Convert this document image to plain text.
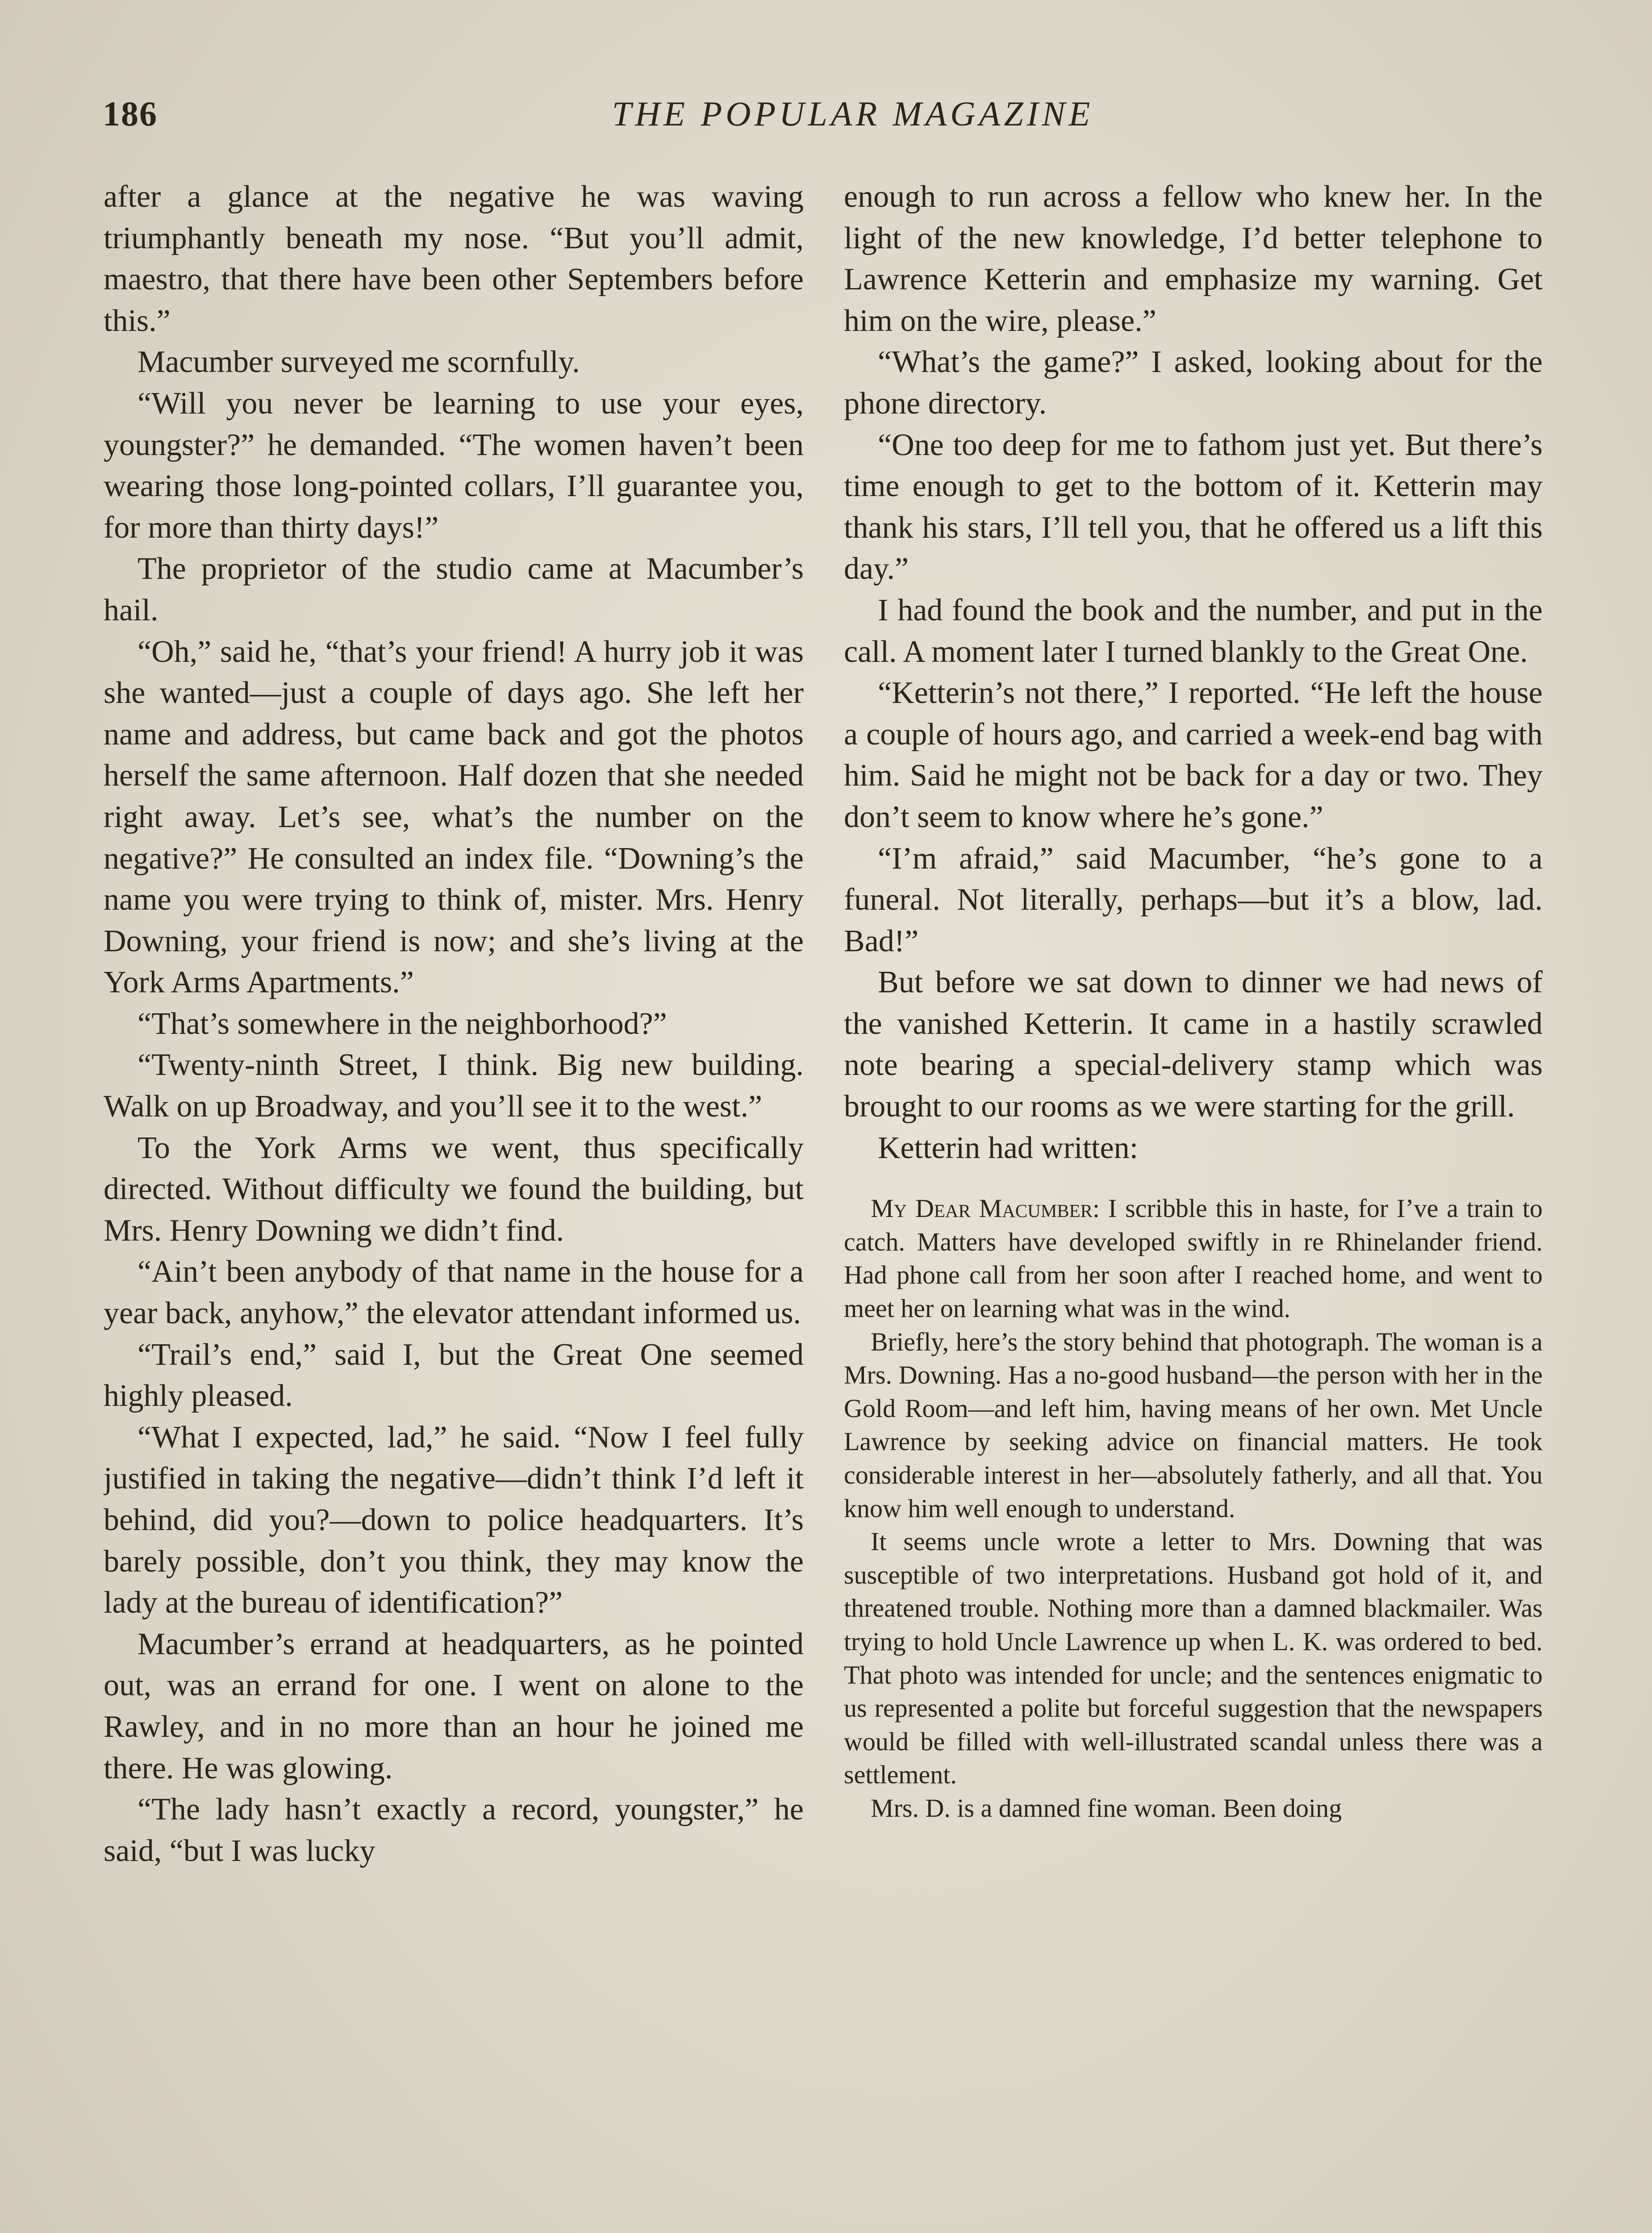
186	THE POPULAR MAGAZINE

after a glance at the negative he was waving triumphantly beneath my nose. “But you’ll admit, maestro, that there have been other Septembers before this.”

Macumber surveyed me scornfully.

“Will you never be learning to use your eyes, youngster?” he demanded. “The women haven’t been wearing those long-pointed collars, I’ll guarantee you, for more than thirty days!”

The proprietor of the studio came at Macumber’s hail.

“Oh,” said he, “that’s your friend! A hurry job it was she wanted—just a couple of days ago. She left her name and address, but came back and got the photos herself the same afternoon. Half dozen that she needed right away. Let’s see, what’s the number on the negative?” He consulted an index file. “Downing’s the name you were trying to think of, mister. Mrs. Henry Downing, your friend is now; and she’s living at the York Arms Apartments.”

“That’s somewhere in the neighborhood?”

“Twenty-ninth Street, I think. Big new building. Walk on up Broadway, and you’ll see it to the west.”

To the York Arms we went, thus specifically directed. Without difficulty we found the building, but Mrs. Henry Downing we didn’t find.

“Ain’t been anybody of that name in the house for a year back, anyhow,” the elevator attendant informed us.

“Trail’s end,” said I, but the Great One seemed highly pleased.

“What I expected, lad,” he said. “Now I feel fully justified in taking the negative—didn’t think I’d left it behind, did you?—down to police headquarters. It’s barely possible, don’t you think, they may know the lady at the bureau of identification?”

Macumber’s errand at headquarters, as he pointed out, was an errand for one. I went on alone to the Rawley, and in no more than an hour he joined me there. He was glowing.

“The lady hasn’t exactly a record, youngster,” he said, “but I was lucky

enough to run across a fellow who knew her. In the light of the new knowledge, I’d better telephone to Lawrence Ketterin and emphasize my warning. Get him on the wire, please.”

“What’s the game?” I asked, looking about for the phone directory.

“One too deep for me to fathom just yet. But there’s time enough to get to the bottom of it. Ketterin may thank his stars, I’ll tell you, that he offered us a lift this day.”

I had found the book and the number, and put in the call. A moment later I turned blankly to the Great One.

“Ketterin’s not there,” I reported. “He left the house a couple of hours ago, and carried a week-end bag with him. Said he might not be back for a day or two. They don’t seem to know where he’s gone.”

“I’m afraid,” said Macumber, “he’s gone to a funeral. Not literally, perhaps—but it’s a blow, lad. Bad!”

But before we sat down to dinner we had news of the vanished Ketterin. It came in a hastily scrawled note bearing a special-delivery stamp which was brought to our rooms as we were starting for the grill.

Ketterin had written:

My Dear Macumber: I scribble this in haste, for I’ve a train to catch. Matters have developed swiftly in re Rhinelander friend. Had phone call from her soon after I reached home, and went to meet her on learning what was in the wind.

Briefly, here’s the story behind that photograph. The woman is a Mrs. Downing. Has a no-good husband—the person with her in the Gold Room—and left him, having means of her own. Met Uncle Lawrence by seeking advice on financial matters. He took considerable interest in her—absolutely fatherly, and all that. You know him well enough to understand.

It seems uncle wrote a letter to Mrs. Downing that was susceptible of two interpretations. Husband got hold of it, and threatened trouble. Nothing more than a damned blackmailer. Was trying to hold Uncle Lawrence up when L. K. was ordered to bed. That photo was intended for uncle; and the sentences enigmatic to us represented a polite but forceful suggestion that the newspapers would be filled with well-illustrated scandal unless there was a settlement.

Mrs. D. is a damned fine woman. Been doing
